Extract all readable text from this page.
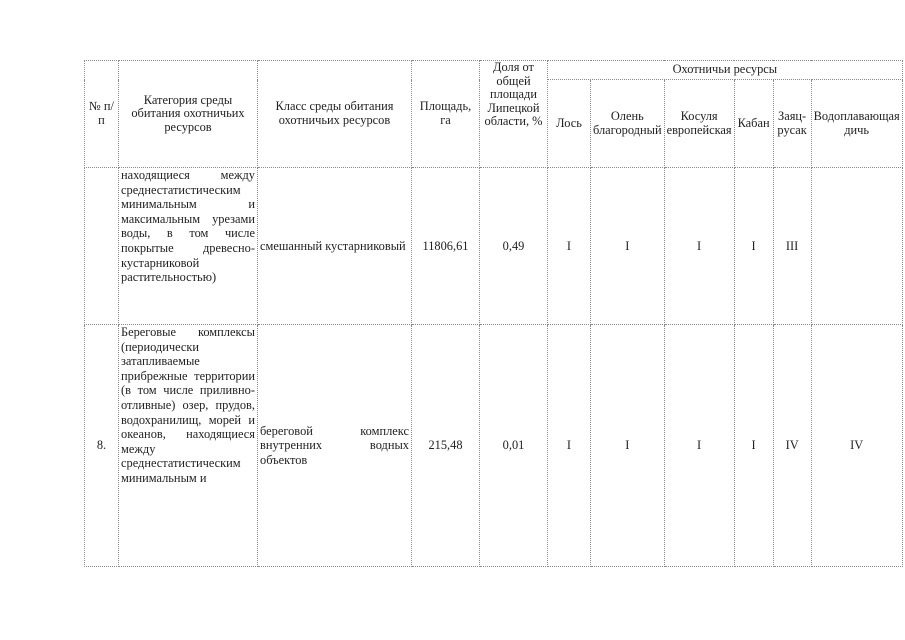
№ п/п	Категория среды обитания охотничьих ресурсов	Класс среды обитания охотничьих ресурсов	Площадь, га	Доля от общей площади Липецкой области, %	Охотничьи ресурсы					
					Лось	Олень благородный	Косуля европейская	Кабан	Заяц-русак	Водоплавающая дичь
	находящиеся между среднестатистическим минимальным и максимальным урезами воды, в том числе покрытые древесно-кустарниковой растительностью)	смешанный кустарниковый	11806,61	0,49	I	I	I	I	III	
8.	Береговые комплексы (периодически затапливаемые прибрежные территории (в том числе приливно-отливные) озер, прудов, водохранилищ, морей и океанов, находящиеся между среднестатистическим минимальным и	береговой комплекс внутренних водных объектов	215,48	0,01	I	I	I	I	IV	IV
